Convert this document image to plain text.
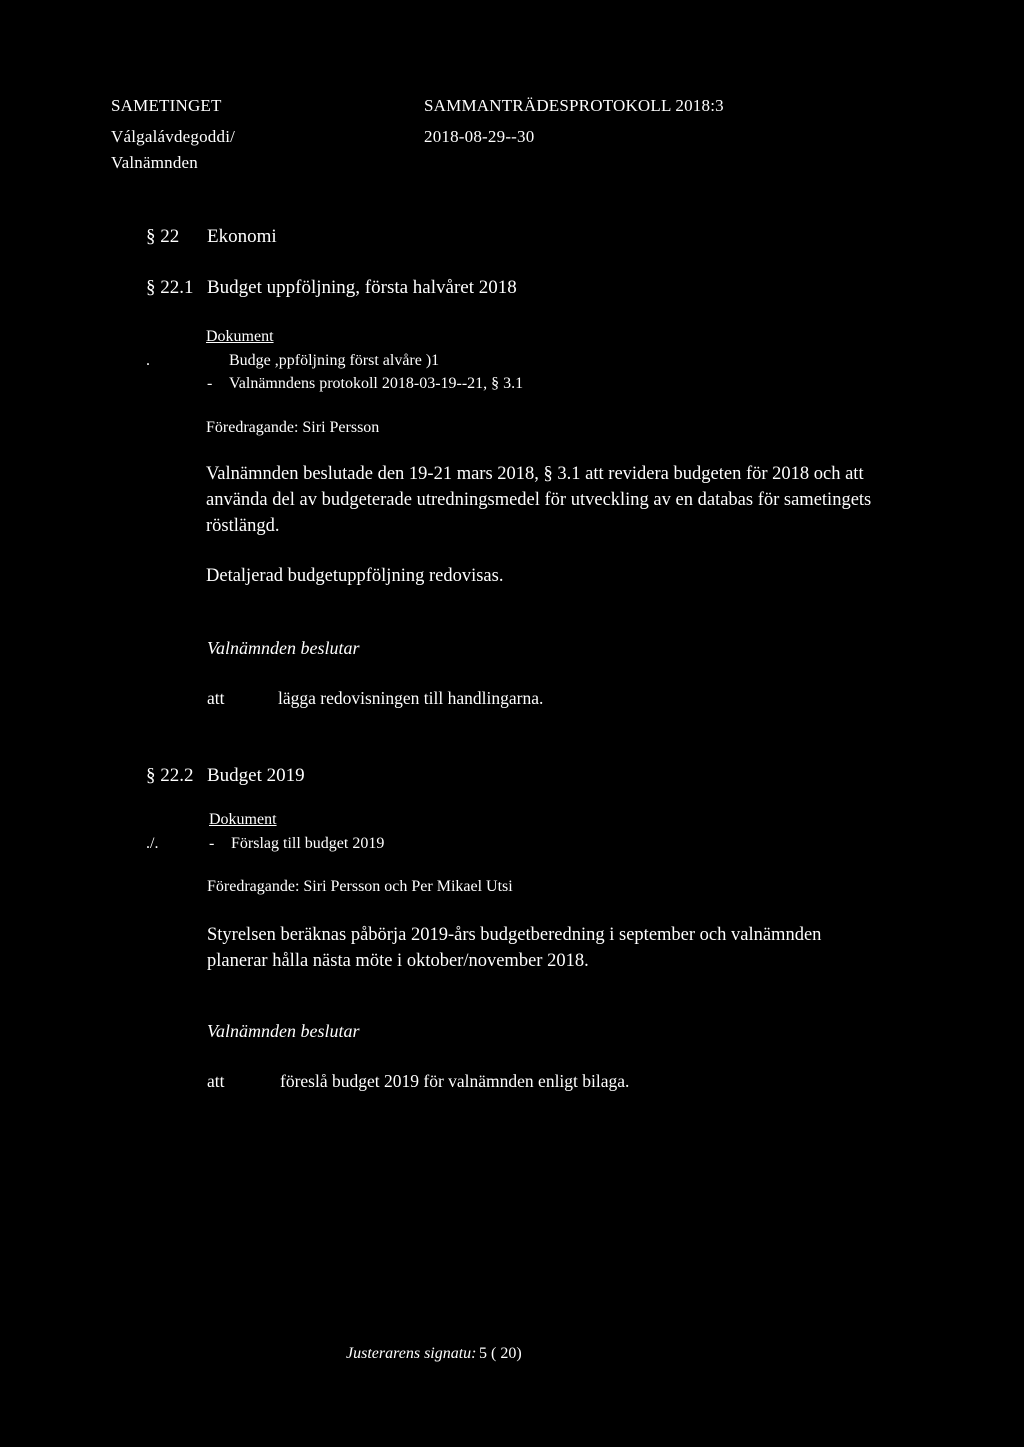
SAMETINGET
Válgalávdegoddi/
Valnämnden
SAMMANTRÄDESPROTOKOLL 2018:3
2018-08-29--30
§ 22 Ekonomi
§ 22.1 Budget uppföljning, första halvåret 2018
Dokument
.	Budge ,ppföljning först alvåre )1
- Valnämndens protokoll 2018-03-19--21, § 3.1
Föredragande: Siri Persson
Valnämnden beslutade den 19-21 mars 2018, § 3.1 att revidera budgeten för 2018 och att
använda del av budgeterade utredningsmedel för utveckling av en databas för sametingets
röstlängd.
Detaljerad budgetuppföljning redovisas.
Valnämnden beslutar
att	lägga redovisningen till handlingarna.
§ 22.2 Budget 2019
Dokument
./.	- Förslag till budget 2019
Föredragande: Siri Persson och Per Mikael Utsi
Styrelsen beräknas påbörja 2019-års budgetberedning i september och valnämnden
planerar hålla nästa möte i oktober/november 2018.
Valnämnden beslutar
att	föreslå budget 2019 för valnämnden enligt bilaga.
Justerarens signatu: 5 ( 20)
